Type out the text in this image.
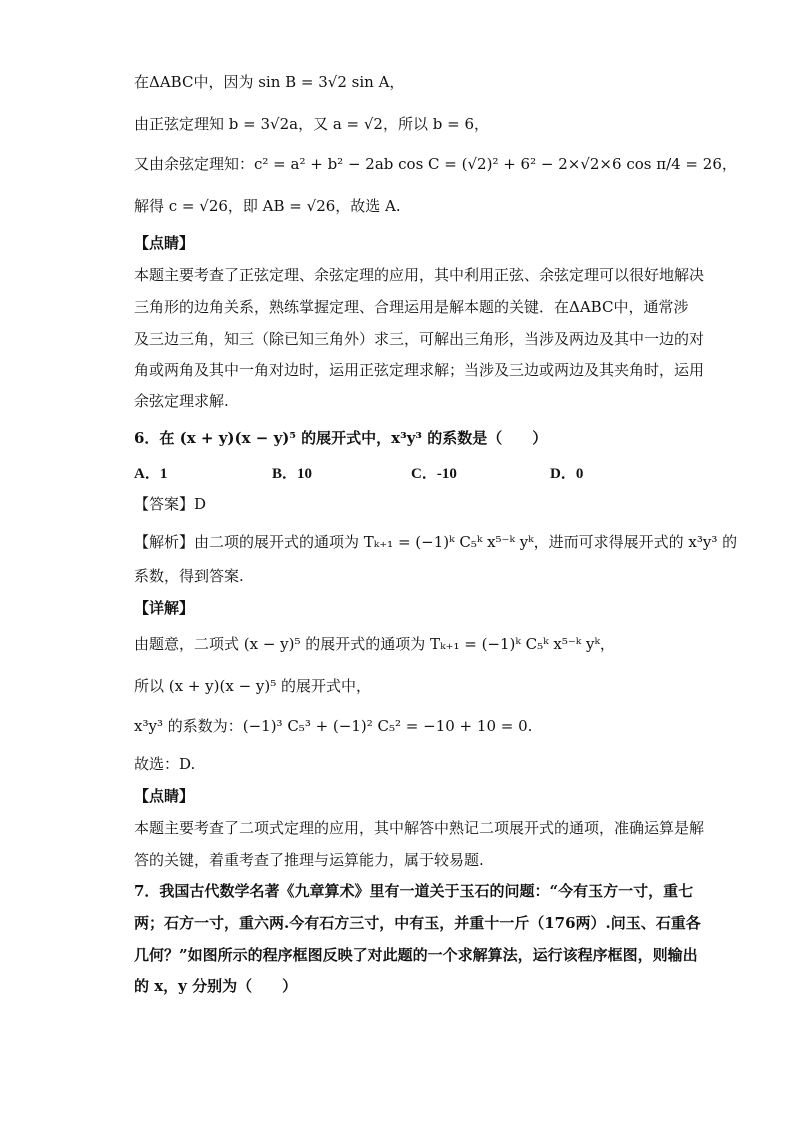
在ΔABC中，因为 sin B = 3√2 sin A，
由正弦定理知 b = 3√2a，又 a = √2，所以 b = 6，
又由余弦定理知：c² = a² + b² − 2ab cos C = (√2)² + 6² − 2×√2×6 cos π/4 = 26，
解得 c = √26，即 AB = √26，故选 A.
【点睛】
本题主要考查了正弦定理、余弦定理的应用，其中利用正弦、余弦定理可以很好地解决
三角形的边角关系，熟练掌握定理、合理运用是解本题的关键．在ΔABC中，通常涉
及三边三角，知三（除已知三角外）求三，可解出三角形，当涉及两边及其中一边的对
角或两角及其中一角对边时，运用正弦定理求解；当涉及三边或两边及其夹角时，运用
余弦定理求解.
6．在 (x + y)(x − y)⁵ 的展开式中，x³y³ 的系数是（　　）
A．1	B．10	C．-10	D．0
【答案】D
【解析】由二项的展开式的通项为 Tₖ₊₁ = (−1)ᵏ C₅ᵏ x⁵⁻ᵏ yᵏ，进而可求得展开式的 x³y³ 的
系数，得到答案.
【详解】
由题意，二项式 (x − y)⁵ 的展开式的通项为 Tₖ₊₁ = (−1)ᵏ C₅ᵏ x⁵⁻ᵏ yᵏ，
所以 (x + y)(x − y)⁵ 的展开式中，
x³y³ 的系数为：(−1)³ C₅³ + (−1)² C₅² = −10 + 10 = 0.
故选：D.
【点睛】
本题主要考查了二项式定理的应用，其中解答中熟记二项展开式的通项，准确运算是解
答的关键，着重考查了推理与运算能力，属于较易题.
7．我国古代数学名著《九章算术》里有一道关于玉石的问题：“今有玉方一寸，重七
两；石方一寸，重六两.今有石方三寸，中有玉，并重十一斤（176两）.问玉、石重各
几何？”如图所示的程序框图反映了对此题的一个求解算法，运行该程序框图，则输出
的 x，y 分别为（　　）
